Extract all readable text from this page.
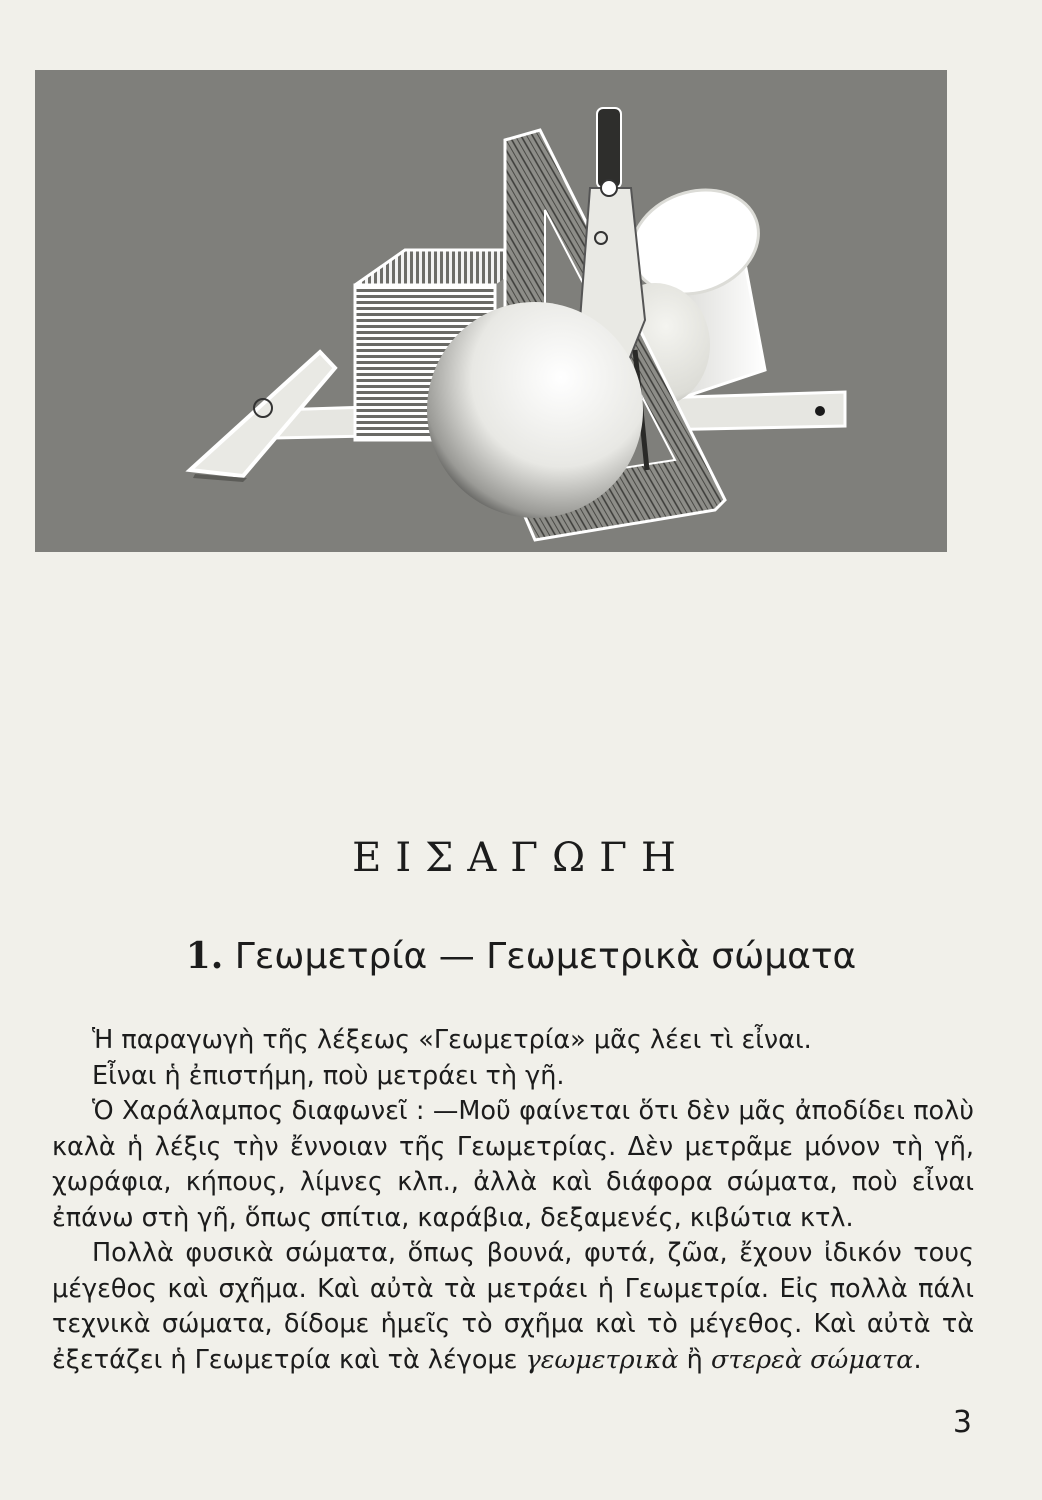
ΕΙΣΑΓΩΓΗ
1. Γεωμετρία — Γεωμετρικὰ σώματα

Ἡ παραγωγὴ τῆς λέξεως «Γεωμετρία» μᾶς λέει τὶ εἶναι.

Εἶναι ἡ ἐπιστήμη, ποὺ μετράει τὴ γῆ.

Ὁ Χαράλαμπος διαφωνεῖ : —Μοῦ φαίνεται ὅτι δὲν μᾶς ἀποδίδει πολὺ καλὰ ἡ λέξις τὴν ἔννοιαν τῆς Γεωμετρίας. Δὲν μετρᾶμε μόνον τὴ γῆ, χωράφια, κήπους, λίμνες κλπ., ἀλλὰ καὶ διάφορα σώματα, ποὺ εἶναι ἐπάνω στὴ γῆ, ὅπως σπίτια, καράβια, δεξαμενές, κιβώτια κτλ.

Πολλὰ φυσικὰ σώματα, ὅπως βουνά, φυτά, ζῶα, ἔχουν ἰδικόν τους μέγεθος καὶ σχῆμα. Καὶ αὐτὰ τὰ μετράει ἡ Γεωμετρία. Εἰς πολλὰ πάλι τεχνικὰ σώματα, δίδομε ἡμεῖς τὸ σχῆμα καὶ τὸ μέγεθος. Καὶ αὐτὰ τὰ ἐξετάζει ἡ Γεωμετρία καὶ τὰ λέγομε γεωμετρικὰ ἢ στερεὰ σώματα.

3
